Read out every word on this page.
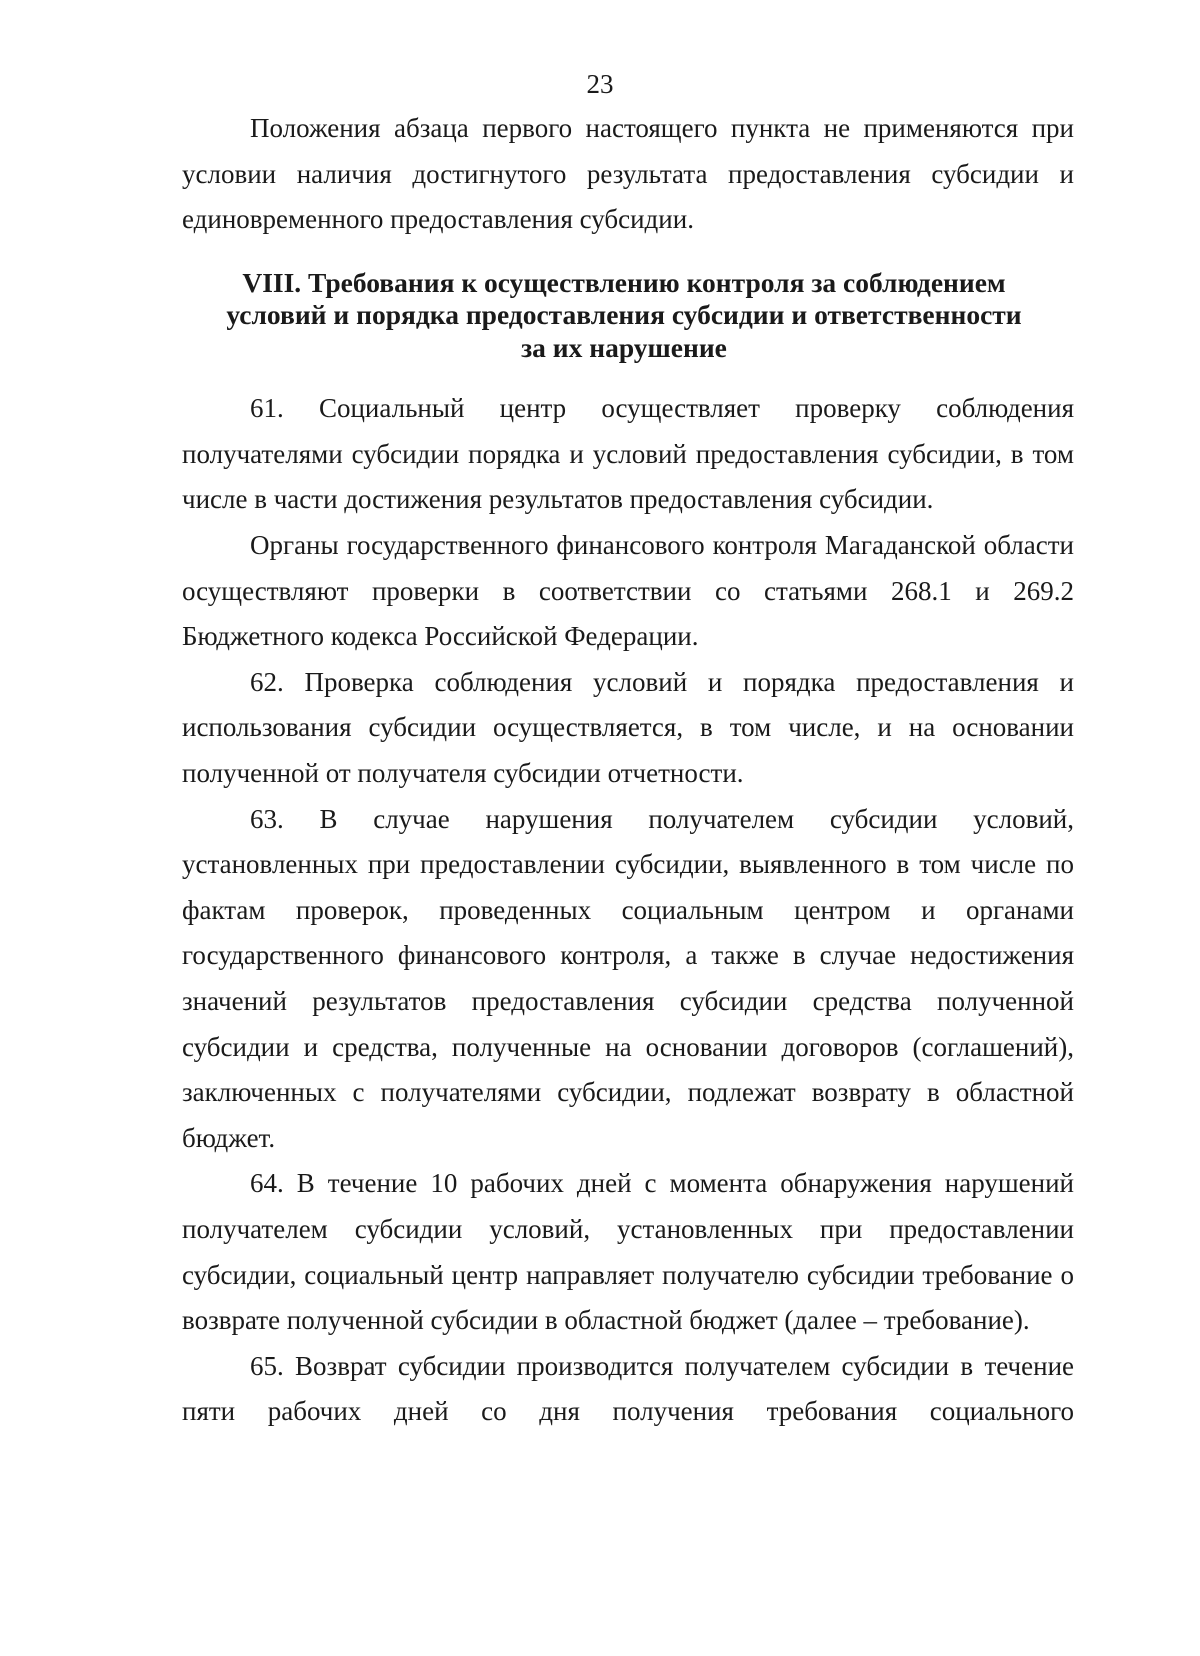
23

Положения абзаца первого настоящего пункта не применяются при условии наличия достигнутого результата предоставления субсидии и единовременного предоставления субсидии.

VIII. Требования к осуществлению контроля за соблюдением
условий и порядка предоставления субсидии и ответственности
за их нарушение

61. Социальный центр осуществляет проверку соблюдения получателями субсидии порядка и условий предоставления субсидии, в том числе в части достижения результатов предоставления субсидии.

Органы государственного финансового контроля Магаданской области осуществляют проверки в соответствии со статьями 268.1 и 269.2 Бюджетного кодекса Российской Федерации.

62. Проверка соблюдения условий и порядка предоставления и использования субсидии осуществляется, в том числе, и на основании полученной от получателя субсидии отчетности.

63. В случае нарушения получателем субсидии условий, установленных при предоставлении субсидии, выявленного в том числе по фактам проверок, проведенных социальным центром и органами государственного финансового контроля, а также в случае недостижения значений результатов предоставления субсидии средства полученной субсидии и средства, полученные на основании договоров (соглашений), заключенных с получателями субсидии, подлежат возврату в областной бюджет.

64. В течение 10 рабочих дней с момента обнаружения нарушений получателем субсидии условий, установленных при предоставлении субсидии, социальный центр направляет получателю субсидии требование о возврате полученной субсидии в областной бюджет (далее – требование).

65. Возврат субсидии производится получателем субсидии в течение пяти рабочих дней со дня получения требования социального
